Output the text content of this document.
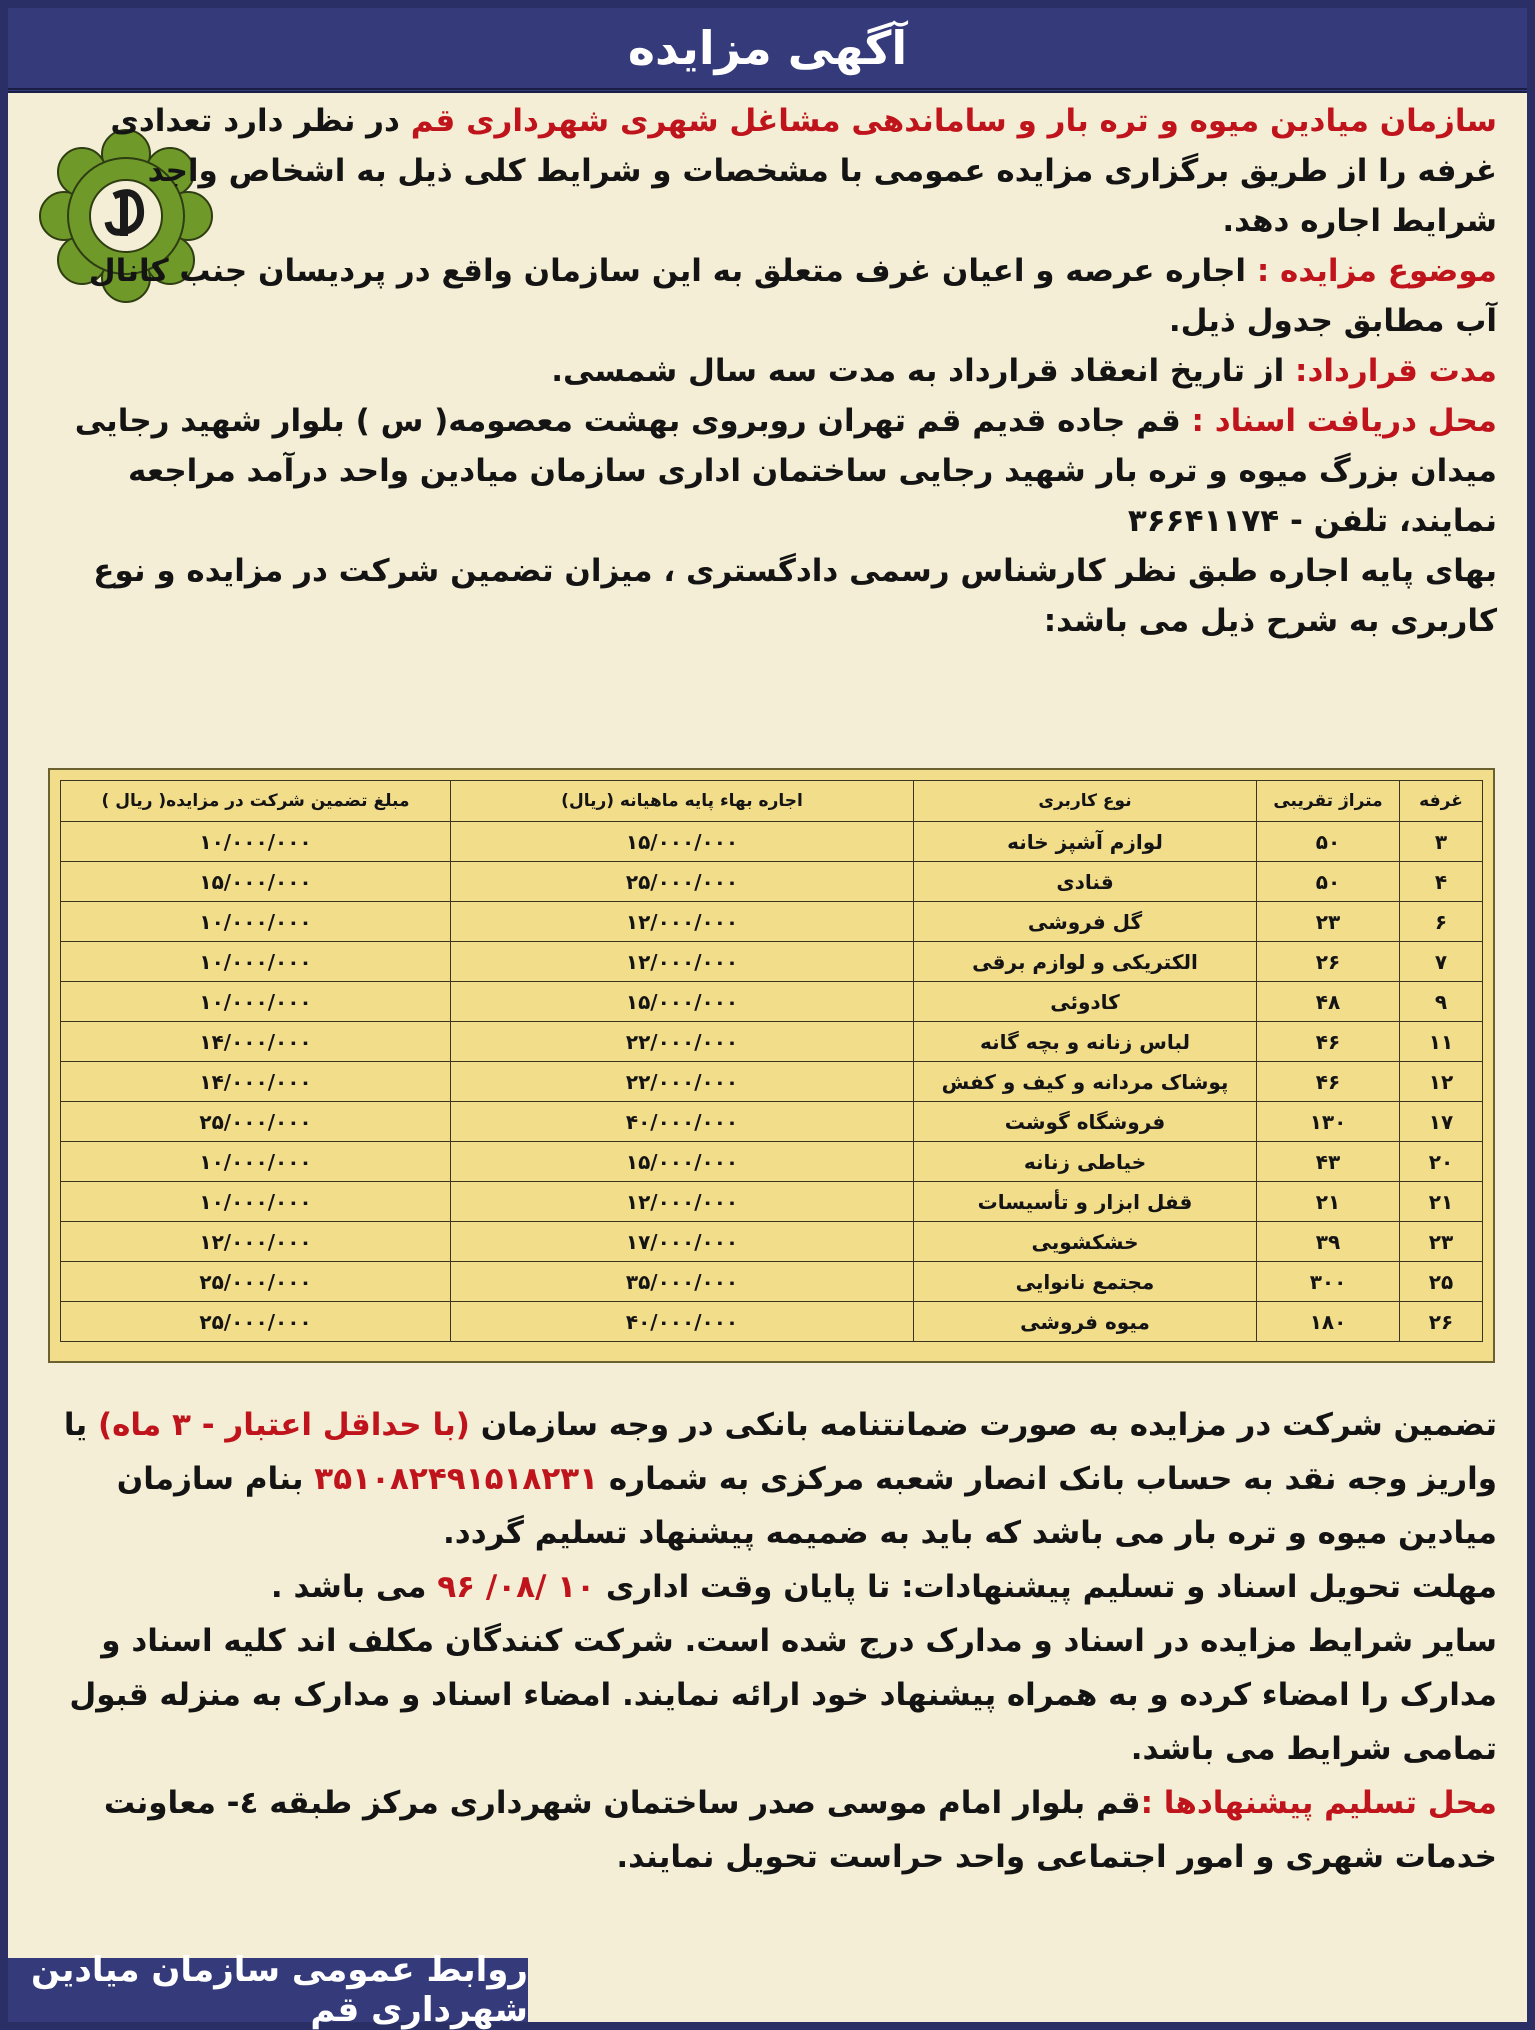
آگهی مزایده

سازمان میادین میوه و تره بار و ساماندهی مشاغل شهری شهرداری قم در نظر دارد تعدادی غرفه را از طریق برگزاری مزایده عمومی با مشخصات و شرایط کلی ذیل به اشخاص واجد شرایط اجاره دهد.

موضوع مزایده : اجاره عرصه و اعیان غرف متعلق به این سازمان واقع در پردیسان جنب کانال آب مطابق جدول ذیل.

مدت قرارداد: از تاریخ انعقاد قرارداد به مدت سه سال شمسی.

محل دریافت اسناد : قم جاده قدیم قم تهران روبروی بهشت معصومه( س ) بلوار شهید رجایی میدان بزرگ میوه و تره بار شهید رجایی ساختمان اداری سازمان میادین واحد درآمد مراجعه نمایند، تلفن - ۳۶۶۴۱۱۷۴

بهای پایه اجاره طبق نظر کارشناس رسمی دادگستری ، میزان تضمین شرکت در مزایده و نوع کاربری به شرح ذیل می باشد:

غرفه	متراژ تقریبی	نوع کاربری	اجاره بهاء پایه ماهیانه (ریال)	مبلغ تضمین شرکت در مزایده( ریال )
۳	۵۰	لوازم آشپز خانه	۱۵/۰۰۰/۰۰۰	۱۰/۰۰۰/۰۰۰
۴	۵۰	قنادی	۲۵/۰۰۰/۰۰۰	۱۵/۰۰۰/۰۰۰
۶	۲۳	گل فروشی	۱۲/۰۰۰/۰۰۰	۱۰/۰۰۰/۰۰۰
۷	۲۶	الکتریکی و لوازم برقی	۱۲/۰۰۰/۰۰۰	۱۰/۰۰۰/۰۰۰
۹	۴۸	کادوئی	۱۵/۰۰۰/۰۰۰	۱۰/۰۰۰/۰۰۰
۱۱	۴۶	لباس زنانه و بچه گانه	۲۲/۰۰۰/۰۰۰	۱۴/۰۰۰/۰۰۰
۱۲	۴۶	پوشاک مردانه و کیف و کفش	۲۲/۰۰۰/۰۰۰	۱۴/۰۰۰/۰۰۰
۱۷	۱۳۰	فروشگاه گوشت	۴۰/۰۰۰/۰۰۰	۲۵/۰۰۰/۰۰۰
۲۰	۴۳	خیاطی زنانه	۱۵/۰۰۰/۰۰۰	۱۰/۰۰۰/۰۰۰
۲۱	۲۱	قفل ابزار و تأسیسات	۱۲/۰۰۰/۰۰۰	۱۰/۰۰۰/۰۰۰
۲۳	۳۹	خشکشویی	۱۷/۰۰۰/۰۰۰	۱۲/۰۰۰/۰۰۰
۲۵	۳۰۰	مجتمع نانوایی	۳۵/۰۰۰/۰۰۰	۲۵/۰۰۰/۰۰۰
۲۶	۱۸۰	میوه فروشی	۴۰/۰۰۰/۰۰۰	۲۵/۰۰۰/۰۰۰

تضمین شرکت در مزایده به صورت ضمانتنامه بانکی در وجه سازمان (با حداقل اعتبار - ۳ ماه) یا واریز وجه نقد به حساب بانک انصار شعبه مرکزی به شماره ۳۵۱۰۸۲۴۹۱۵۱۸۲۳۱ بنام سازمان میادین میوه و تره بار می باشد که باید به ضمیمه پیشنهاد تسلیم گردد.

مهلت تحویل اسناد و تسلیم پیشنهادات: تا پایان وقت اداری ۱۰ /۰۸/ ۹۶ می باشد .

سایر شرایط مزایده در اسناد و مدارک درج شده است. شرکت کنندگان مکلف اند کلیه اسناد و مدارک را امضاء کرده و به همراه پیشنهاد خود ارائه نمایند. امضاء اسناد و مدارک به منزله قبول تمامی شرایط می باشد.

محل تسلیم پیشنهادها :قم بلوار امام موسی صدر ساختمان شهرداری مرکز طبقه ٤- معاونت خدمات شهری و امور اجتماعی واحد حراست تحویل نمایند.

روابط عمومی سازمان میادین شهرداری قم
